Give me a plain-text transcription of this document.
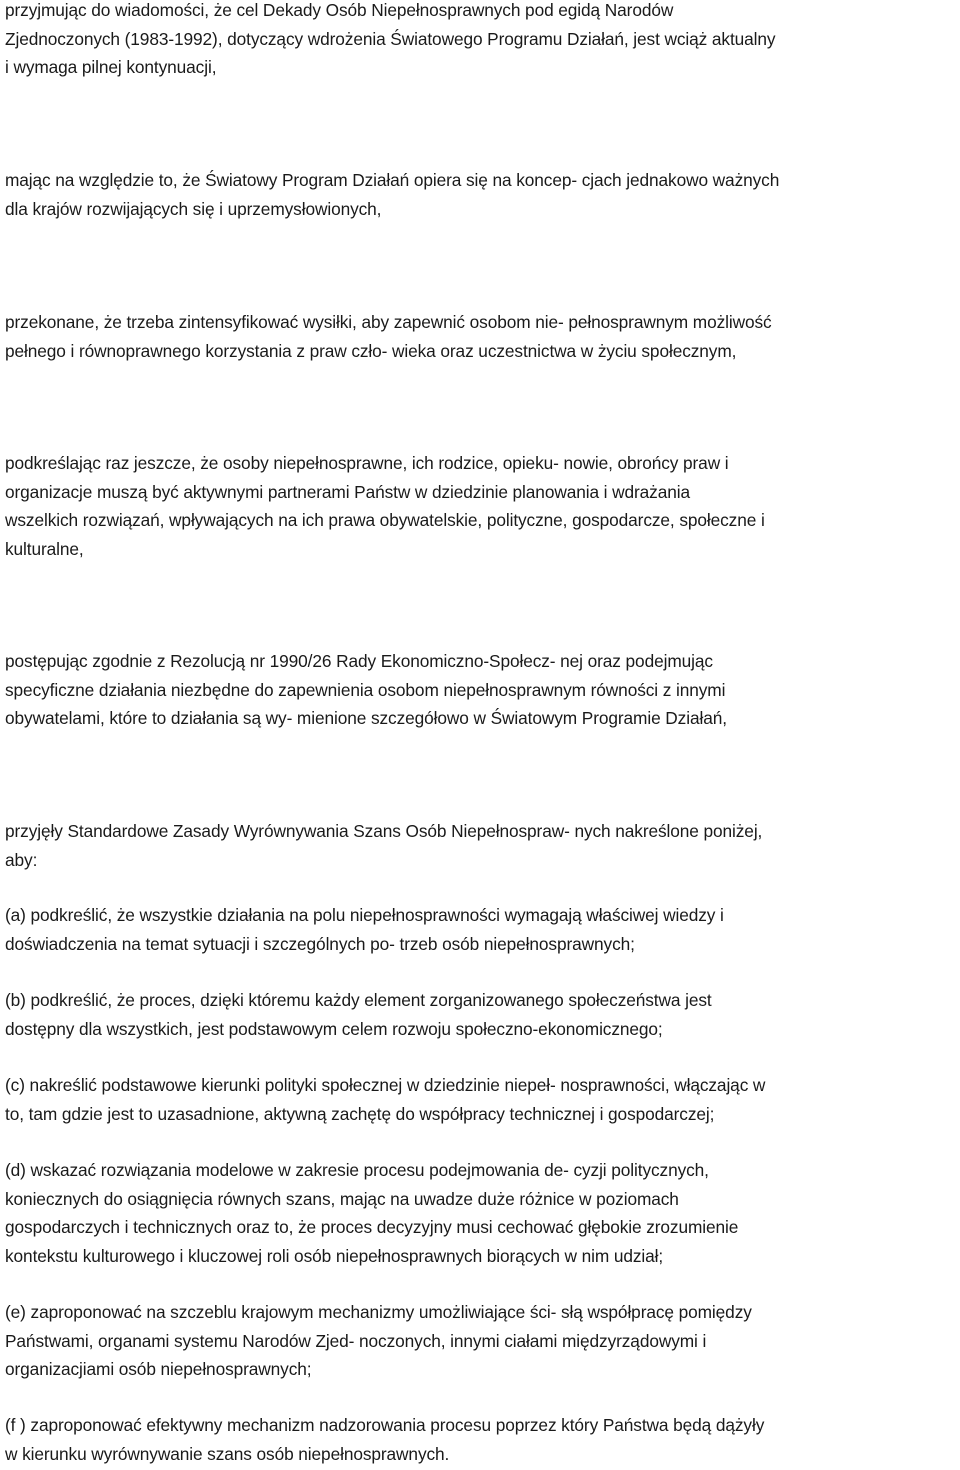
przyjmując do wiadomości, że cel Dekady Osób Niepełnosprawnych pod egidą Narodów
Zjednoczonych (1983-1992), dotyczący wdrożenia Światowego Programu Działań, jest wciąż aktualny
i wymaga pilnej kontynuacji,

mając na względzie to, że Światowy Program Działań opiera się na koncep- cjach jednakowo ważnych
dla krajów rozwijających się i uprzemysłowionych,

przekonane, że trzeba zintensyfikować wysiłki, aby zapewnić osobom nie- pełnosprawnym możliwość
pełnego i równoprawnego korzystania z praw czło- wieka oraz uczestnictwa w życiu społecznym,

podkreślając raz jeszcze, że osoby niepełnosprawne, ich rodzice, opieku- nowie, obrońcy praw i
organizacje muszą być aktywnymi partnerami Państw w dziedzinie planowania i wdrażania
wszelkich rozwiązań, wpływających na ich prawa obywatelskie, polityczne, gospodarcze, społeczne i
kulturalne,

postępując zgodnie z Rezolucją nr 1990/26 Rady Ekonomiczno-Społecz- nej oraz podejmując
specyficzne działania niezbędne do zapewnienia osobom niepełnosprawnym równości z innymi
obywatelami, które to działania są wy- mienione szczegółowo w Światowym Programie Działań,

przyjęły Standardowe Zasady Wyrównywania Szans Osób Niepełnospraw- nych nakreślone poniżej,
aby:

(a) podkreślić, że wszystkie działania na polu niepełnosprawności wymagają właściwej wiedzy i
doświadczenia na temat sytuacji i szczególnych po- trzeb osób niepełnosprawnych;

(b) podkreślić, że proces, dzięki któremu każdy element zorganizowanego społeczeństwa jest
dostępny dla wszystkich, jest podstawowym celem rozwoju społeczno-ekonomicznego;

(c) nakreślić podstawowe kierunki polityki społecznej w dziedzinie niepeł- nosprawności, włączając w
to, tam gdzie jest to uzasadnione, aktywną zachętę do współpracy technicznej i gospodarczej;

(d) wskazać rozwiązania modelowe w zakresie procesu podejmowania de- cyzji politycznych,
koniecznych do osiągnięcia równych szans, mając na uwadze duże różnice w poziomach
gospodarczych i technicznych oraz to, że proces decyzyjny musi cechować głębokie zrozumienie
kontekstu kulturowego i kluczowej roli osób niepełnosprawnych biorących w nim udział;

(e) zaproponować na szczeblu krajowym mechanizmy umożliwiające ści- słą współpracę pomiędzy
Państwami, organami systemu Narodów Zjed- noczonych, innymi ciałami międzyrządowymi i
organizacjiami osób niepełnosprawnych;

(f ) zaproponować efektywny mechanizm nadzorowania procesu poprzez który Państwa będą dążyły
w kierunku wyrównywanie szans osób niepełnosprawnych.
